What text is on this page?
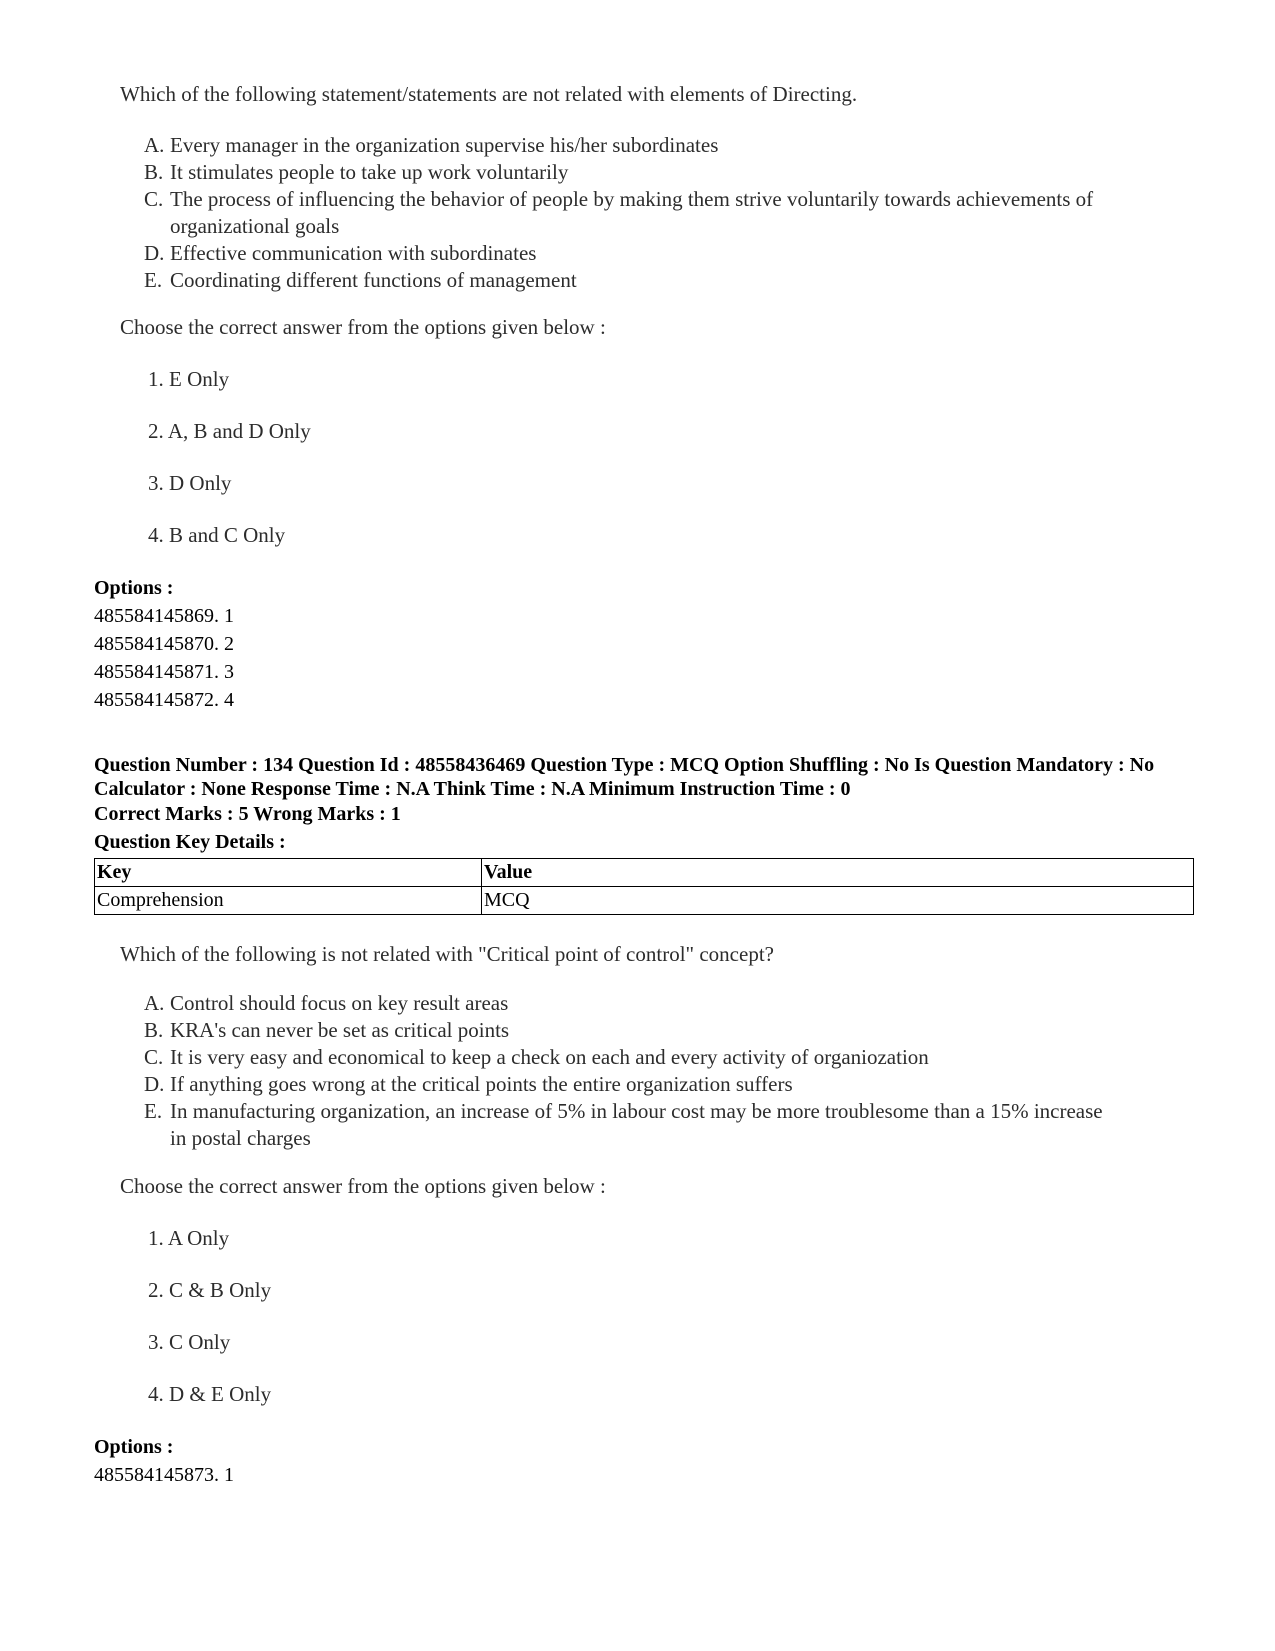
Which of the following statement/statements are not related with elements of Directing.
A. Every manager in the organization supervise his/her subordinates
B. It stimulates people to take up work voluntarily
C. The process of influencing the behavior of people by making them strive voluntarily towards achievements of organizational goals
D. Effective communication with subordinates
E. Coordinating different functions of management
Choose the correct answer from the options given below :
1. E Only
2. A, B and D Only
3. D Only
4. B and C Only
Options :
485584145869. 1
485584145870. 2
485584145871. 3
485584145872. 4
Question Number : 134 Question Id : 48558436469 Question Type : MCQ Option Shuffling : No Is Question Mandatory : No Calculator : None Response Time : N.A Think Time : N.A Minimum Instruction Time : 0
Correct Marks : 5 Wrong Marks : 1
Question Key Details :
Key	Value
Comprehension	MCQ
Which of the following is not related with "Critical point of control" concept?
A. Control should focus on key result areas
B. KRA's can never be set as critical points
C. It is very easy and economical to keep a check on each and every activity of organiozation
D. If anything goes wrong at the critical points the entire organization suffers
E. In manufacturing organization, an increase of 5% in labour cost may be more troublesome than a 15% increase in postal charges
Choose the correct answer from the options given below :
1. A Only
2. C & B Only
3. C Only
4. D & E Only
Options :
485584145873. 1
